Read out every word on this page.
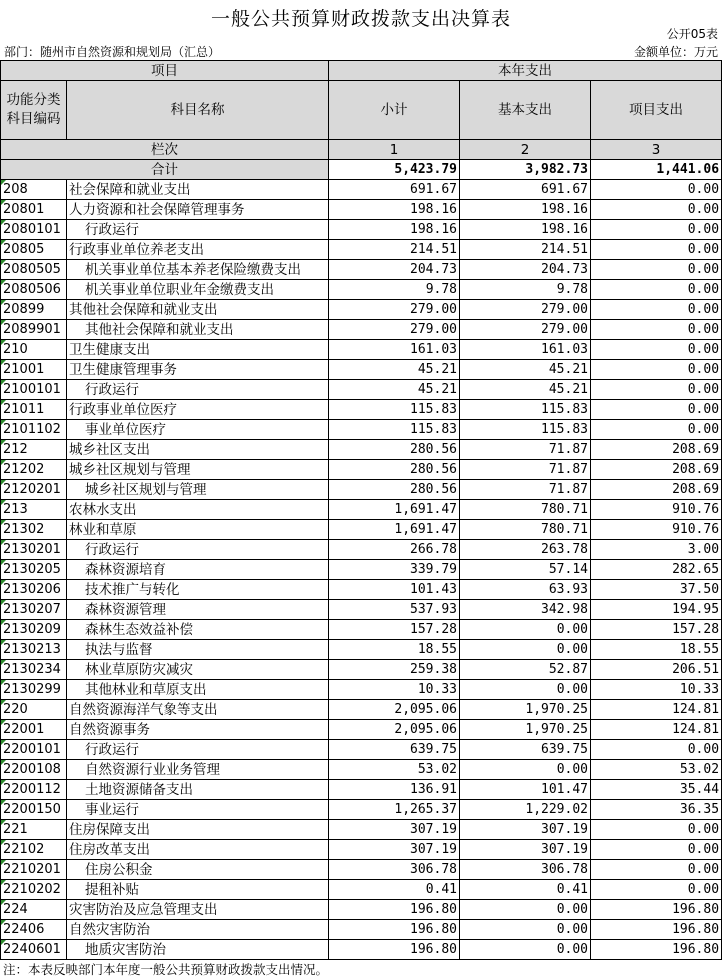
一般公共预算财政拨款支出决算表
公开05表
部门：随州市自然资源和规划局（汇总）	金额单位：万元
项目		本年支出		
功能分类科目编码	科目名称	小计	基本支出	项目支出
栏次		1	2	3
合计		5,423.79	3,982.73	1,441.06
208	社会保障和就业支出	691.67	691.67	0.00
20801	人力资源和社会保障管理事务	198.16	198.16	0.00
2080101	行政运行	198.16	198.16	0.00
20805	行政事业单位养老支出	214.51	214.51	0.00
2080505	机关事业单位基本养老保险缴费支出	204.73	204.73	0.00
2080506	机关事业单位职业年金缴费支出	9.78	9.78	0.00
20899	其他社会保障和就业支出	279.00	279.00	0.00
2089901	其他社会保障和就业支出	279.00	279.00	0.00
210	卫生健康支出	161.03	161.03	0.00
21001	卫生健康管理事务	45.21	45.21	0.00
2100101	行政运行	45.21	45.21	0.00
21011	行政事业单位医疗	115.83	115.83	0.00
2101102	事业单位医疗	115.83	115.83	0.00
212	城乡社区支出	280.56	71.87	208.69
21202	城乡社区规划与管理	280.56	71.87	208.69
2120201	城乡社区规划与管理	280.56	71.87	208.69
213	农林水支出	1,691.47	780.71	910.76
21302	林业和草原	1,691.47	780.71	910.76
2130201	行政运行	266.78	263.78	3.00
2130205	森林资源培育	339.79	57.14	282.65
2130206	技术推广与转化	101.43	63.93	37.50
2130207	森林资源管理	537.93	342.98	194.95
2130209	森林生态效益补偿	157.28	0.00	157.28
2130213	执法与监督	18.55	0.00	18.55
2130234	林业草原防灾减灾	259.38	52.87	206.51
2130299	其他林业和草原支出	10.33	0.00	10.33
220	自然资源海洋气象等支出	2,095.06	1,970.25	124.81
22001	自然资源事务	2,095.06	1,970.25	124.81
2200101	行政运行	639.75	639.75	0.00
2200108	自然资源行业业务管理	53.02	0.00	53.02
2200112	土地资源储备支出	136.91	101.47	35.44
2200150	事业运行	1,265.37	1,229.02	36.35
221	住房保障支出	307.19	307.19	0.00
22102	住房改革支出	307.19	307.19	0.00
2210201	住房公积金	306.78	306.78	0.00
2210202	提租补贴	0.41	0.41	0.00
224	灾害防治及应急管理支出	196.80	0.00	196.80
22406	自然灾害防治	196.80	0.00	196.80
2240601	地质灾害防治	196.80	0.00	196.80
注：本表反映部门本年度一般公共预算财政拨款支出情况。
